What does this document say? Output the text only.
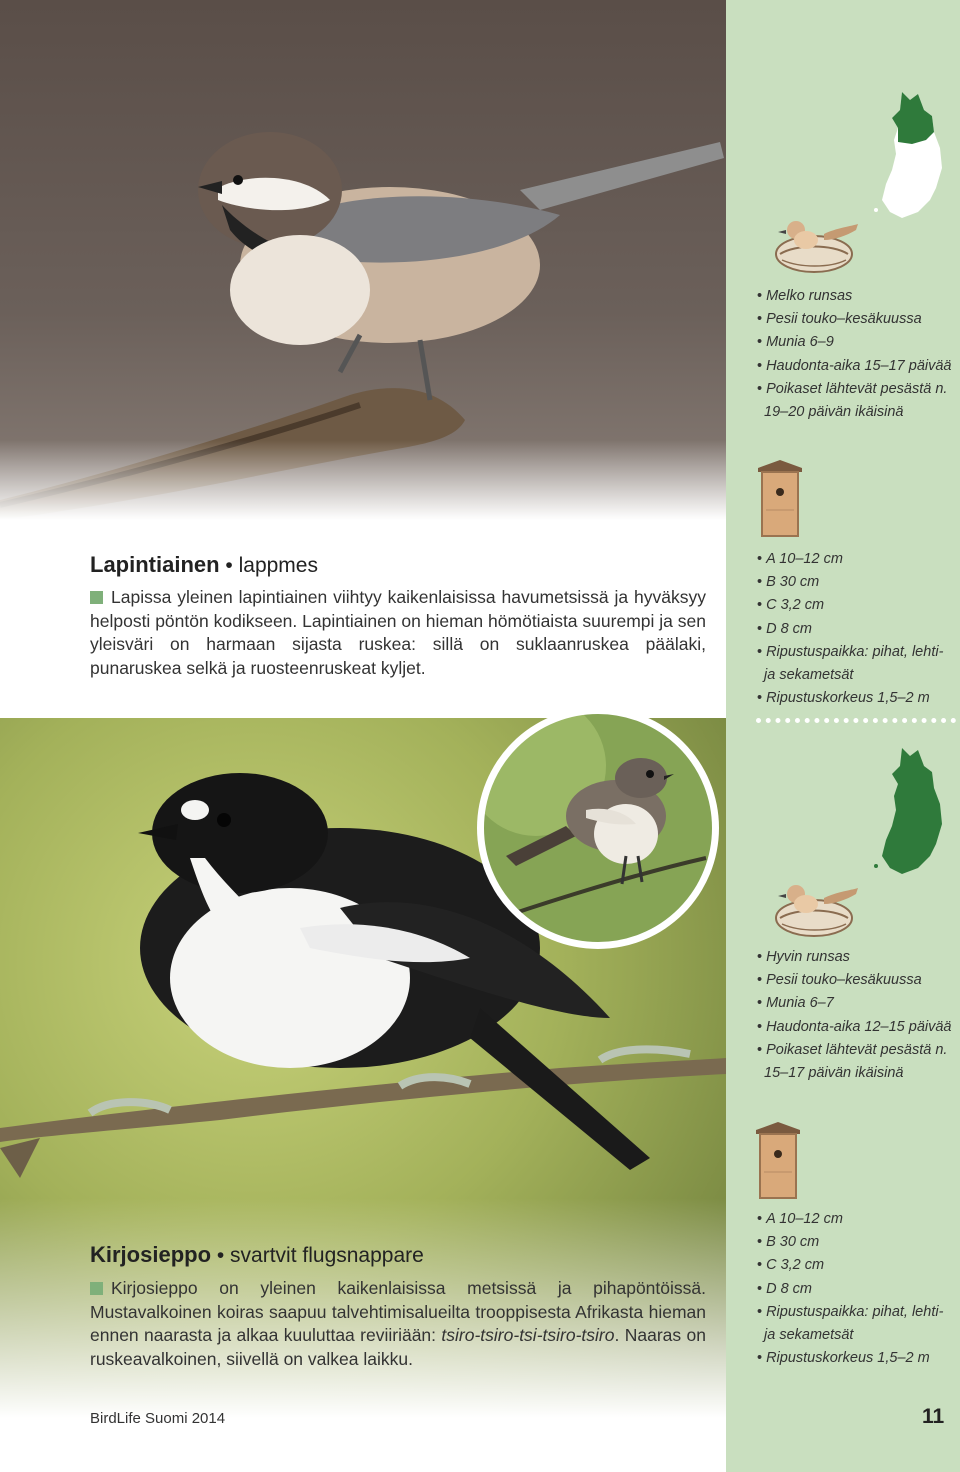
Lapintiainen • lappmes

Lapissa yleinen lapintiainen viihtyy kaikenlaisissa havumetsissä ja hyväksyy helposti pöntön kodikseen. Lapintiainen on hieman hömötiaista suurempi ja sen yleisväri on harmaan sijasta ruskea: sillä on suklaanruskea päälaki, punaruskea selkä ja ruosteenruskeat kyljet.

• Melko runsas
• Pesii touko–kesäkuussa
• Munia 6–9
• Haudonta-aika 15–17 päivää
• Poikaset lähtevät pesästä n. 19–20 päivän ikäisinä
• A 10–12 cm
• B 30 cm
• C 3,2 cm
• D 8 cm
• Ripustuspaikka: pihat, lehti- ja sekametsät
• Ripustuskorkeus 1,5–2 m
• Hyvin runsas
• Pesii touko–kesäkuussa
• Munia 6–7
• Haudonta-aika 12–15 päivää
• Poikaset lähtevät pesästä n. 15–17 päivän ikäisinä
• A 10–12 cm
• B 30 cm
• C 3,2 cm
• D 8 cm
• Ripustuspaikka: pihat, lehti- ja sekametsät
• Ripustuskorkeus 1,5–2 m
Kirjosieppo • svartvit flugsnappare

Kirjosieppo on yleinen kaikenlaisissa metsissä ja pihapöntöissä. Mustavalkoinen koiras saapuu talvehtimisalueilta trooppisesta Afrikasta hieman ennen naarasta ja alkaa kuuluttaa reviiriään: tsiro-tsiro-tsi-tsiro-tsiro. Naaras on ruskeavalkoinen, siivellä on valkea laikku.

BirdLife Suomi 2014	11
